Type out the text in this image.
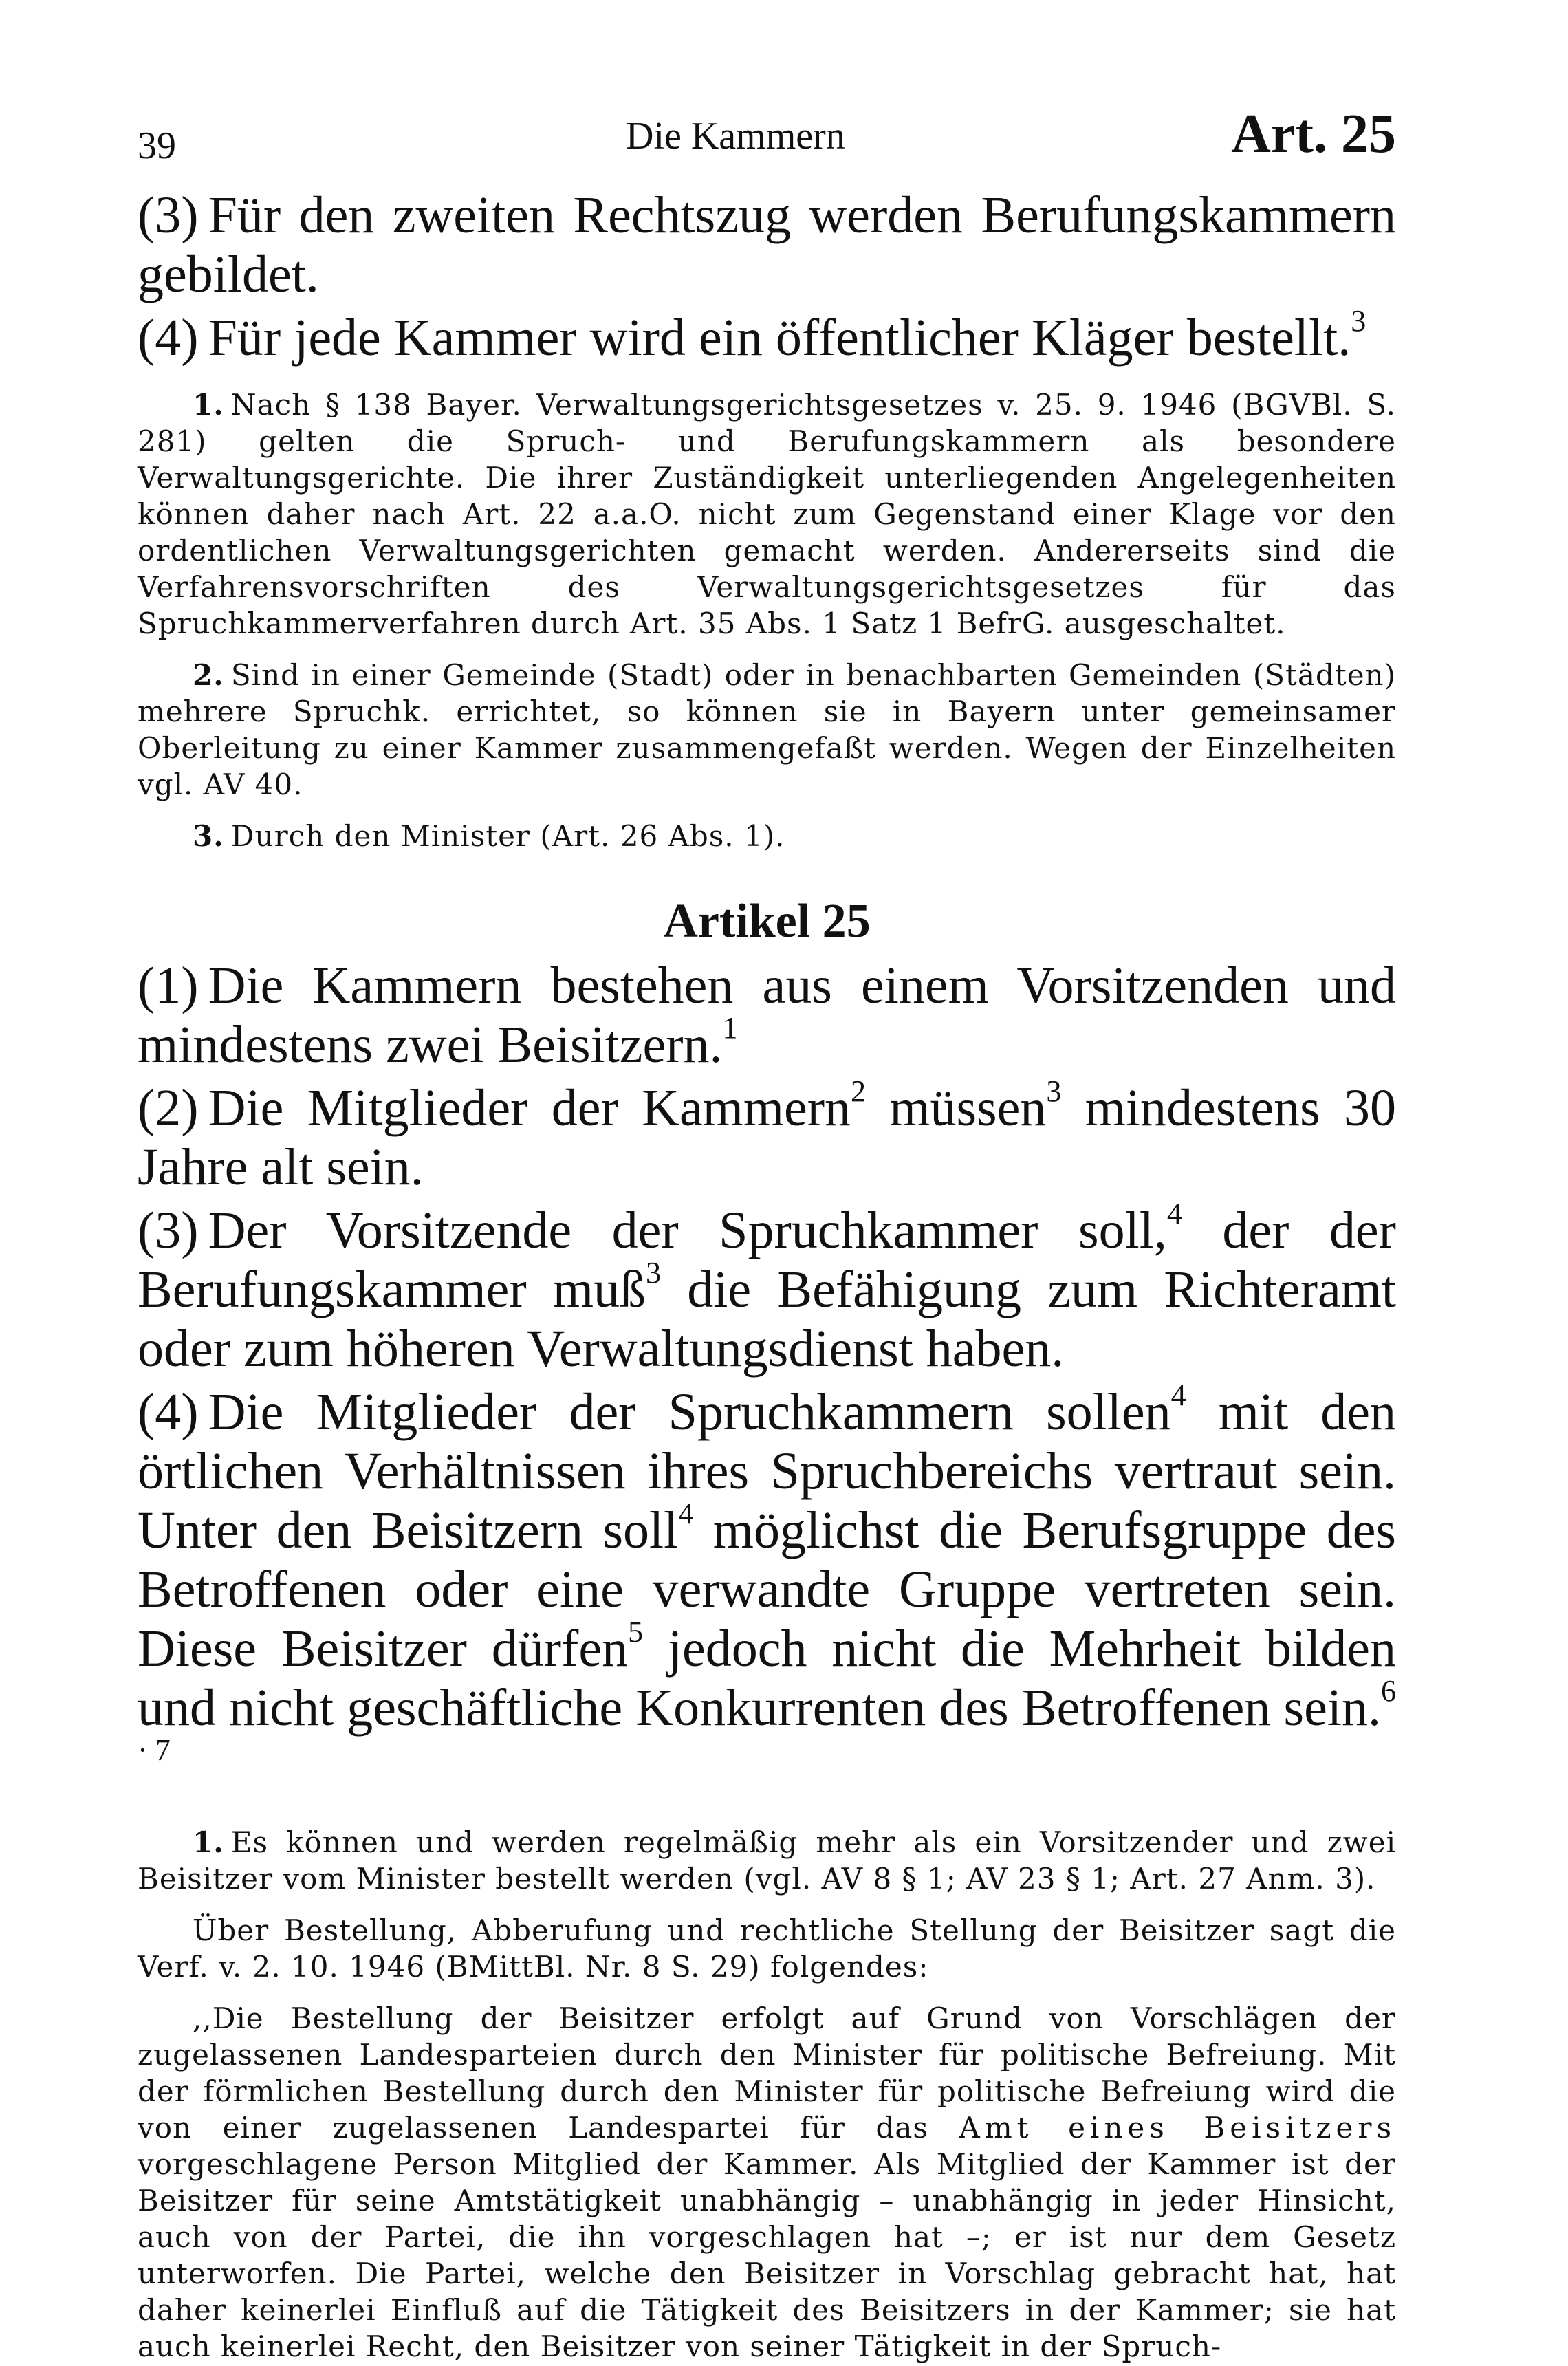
39	Die Kammern	Art. 25

(3) Für den zweiten Rechtszug werden Berufungskammern gebildet.

(4) Für jede Kammer wird ein öffentlicher Kläger bestellt.$^3$

1. Nach § 138 Bayer. Verwaltungsgerichtsgesetzes v. 25. 9. 1946 (BGVBl. S. 281) gelten die Spruch- und Berufungskammern als besondere Verwaltungsgerichte. Die ihrer Zuständigkeit unterliegenden Angelegenheiten können daher nach Art. 22 a.a.O. nicht zum Gegenstand einer Klage vor den ordentlichen Verwaltungsgerichten gemacht werden. Andererseits sind die Verfahrensvorschriften des Verwaltungsgerichtsgesetzes für das Spruchkammerverfahren durch Art. 35 Abs. 1 Satz 1 BefrG. ausgeschaltet.

2. Sind in einer Gemeinde (Stadt) oder in benachbarten Gemeinden (Städten) mehrere Spruchk. errichtet, so können sie in Bayern unter gemeinsamer Oberleitung zu einer Kammer zusammengefaßt werden. Wegen der Einzelheiten vgl. AV 40.

3. Durch den Minister (Art. 26 Abs. 1).

Artikel 25

(1) Die Kammern bestehen aus einem Vorsitzenden und mindestens zwei Beisitzern.$^1$

(2) Die Mitglieder der Kammern$^2$ müssen$^3$ mindestens 30 Jahre alt sein.

(3) Der Vorsitzende der Spruchkammer soll,$^4$ der der Berufungskammer muß$^3$ die Befähigung zum Richteramt oder zum höheren Verwaltungsdienst haben.

(4) Die Mitglieder der Spruchkammern sollen$^4$ mit den örtlichen Verhältnissen ihres Spruchbereichs vertraut sein. Unter den Beisitzern soll$^4$ möglichst die Berufsgruppe des Betroffenen oder eine verwandte Gruppe vertreten sein. Diese Beisitzer dürfen$^5$ jedoch nicht die Mehrheit bilden und nicht geschäftliche Konkurrenten des Betroffenen sein.$^{6 \cdot 7}$

1. Es können und werden regelmäßig mehr als ein Vorsitzender und zwei Beisitzer vom Minister bestellt werden (vgl. AV 8 § 1; AV 23 § 1; Art. 27 Anm. 3).

Über Bestellung, Abberufung und rechtliche Stellung der Beisitzer sagt die Verf. v. 2. 10. 1946 (BMittBl. Nr. 8 S. 29) folgendes:

,,Die Bestellung der Beisitzer erfolgt auf Grund von Vorschlägen der zugelassenen Landesparteien durch den Minister für politische Befreiung. Mit der förmlichen Bestellung durch den Minister für politische Befreiung wird die von einer zugelassenen Landespartei für das Amt eines Beisitzers vorgeschlagene Person Mitglied der Kammer. Als Mitglied der Kammer ist der Beisitzer für seine Amtstätigkeit unabhängig – unabhängig in jeder Hinsicht, auch von der Partei, die ihn vorgeschlagen hat –; er ist nur dem Gesetz unterworfen. Die Partei, welche den Beisitzer in Vorschlag gebracht hat, hat daher keinerlei Einfluß auf die Tätigkeit des Beisitzers in der Kammer; sie hat auch keinerlei Recht, den Beisitzer von seiner Tätigkeit in der Spruch-
